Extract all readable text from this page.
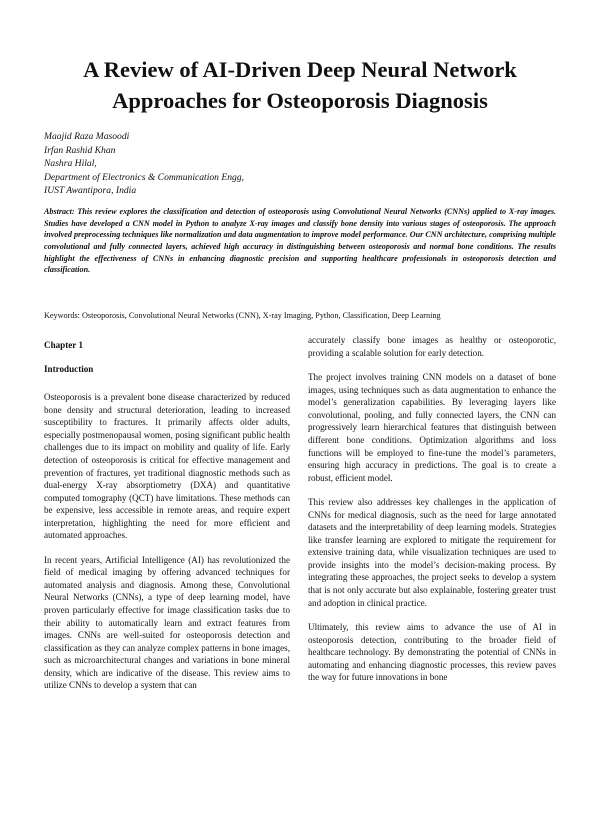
A Review of AI-Driven Deep Neural Network Approaches for Osteoporosis Diagnosis
Maajid Raza Masoodi
Irfan Rashid Khan
Nashra Hilal,
Department of Electronics & Communication Engg,
IUST Awantipora, India

Abstract: This review explores the classification and detection of osteoporosis using Convolutional Neural Networks (CNNs) applied to X-ray images. Studies have developed a CNN model in Python to analyze X-ray images and classify bone density into various stages of osteoporosis. The approach involved preprocessing techniques like normalization and data augmentation to improve model performance. Our CNN architecture, comprising multiple convolutional and fully connected layers, achieved high accuracy in distinguishing between osteoporosis and normal bone conditions. The results highlight the effectiveness of CNNs in enhancing diagnostic precision and supporting healthcare professionals in osteoporosis detection and classification.

Keywords: Osteoporosis, Convolutional Neural Networks (CNN), X-ray Imaging, Python, Classification, Deep Learning
Chapter 1
Introduction

Osteoporosis is a prevalent bone disease characterized by reduced bone density and structural deterioration, leading to increased susceptibility to fractures. It primarily affects older adults, especially postmenopausal women, posing significant public health challenges due to its impact on mobility and quality of life. Early detection of osteoporosis is critical for effective management and prevention of fractures, yet traditional diagnostic methods such as dual-energy X-ray absorptiometry (DXA) and quantitative computed tomography (QCT) have limitations. These methods can be expensive, less accessible in remote areas, and require expert interpretation, highlighting the need for more efficient and automated approaches.

In recent years, Artificial Intelligence (AI) has revolutionized the field of medical imaging by offering advanced techniques for automated analysis and diagnosis. Among these, Convolutional Neural Networks (CNNs), a type of deep learning model, have proven particularly effective for image classification tasks due to their ability to automatically learn and extract features from images. CNNs are well-suited for osteoporosis detection and classification as they can analyze complex patterns in bone images, such as microarchitectural changes and variations in bone mineral density, which are indicative of the disease. This review aims to utilize CNNs to develop a system that can

accurately classify bone images as healthy or osteoporotic, providing a scalable solution for early detection.

The project involves training CNN models on a dataset of bone images, using techniques such as data augmentation to enhance the model’s generalization capabilities. By leveraging layers like convolutional, pooling, and fully connected layers, the CNN can progressively learn hierarchical features that distinguish between different bone conditions. Optimization algorithms and loss functions will be employed to fine-tune the model’s parameters, ensuring high accuracy in predictions. The goal is to create a robust, efficient model.

This review also addresses key challenges in the application of CNNs for medical diagnosis, such as the need for large annotated datasets and the interpretability of deep learning models. Strategies like transfer learning are explored to mitigate the requirement for extensive training data, while visualization techniques are used to provide insights into the model’s decision-making process. By integrating these approaches, the project seeks to develop a system that is not only accurate but also explainable, fostering greater trust and adoption in clinical practice.

Ultimately, this review aims to advance the use of AI in osteoporosis detection, contributing to the broader field of healthcare technology. By demonstrating the potential of CNNs in automating and enhancing diagnostic processes, this review paves the way for future innovations in bone
